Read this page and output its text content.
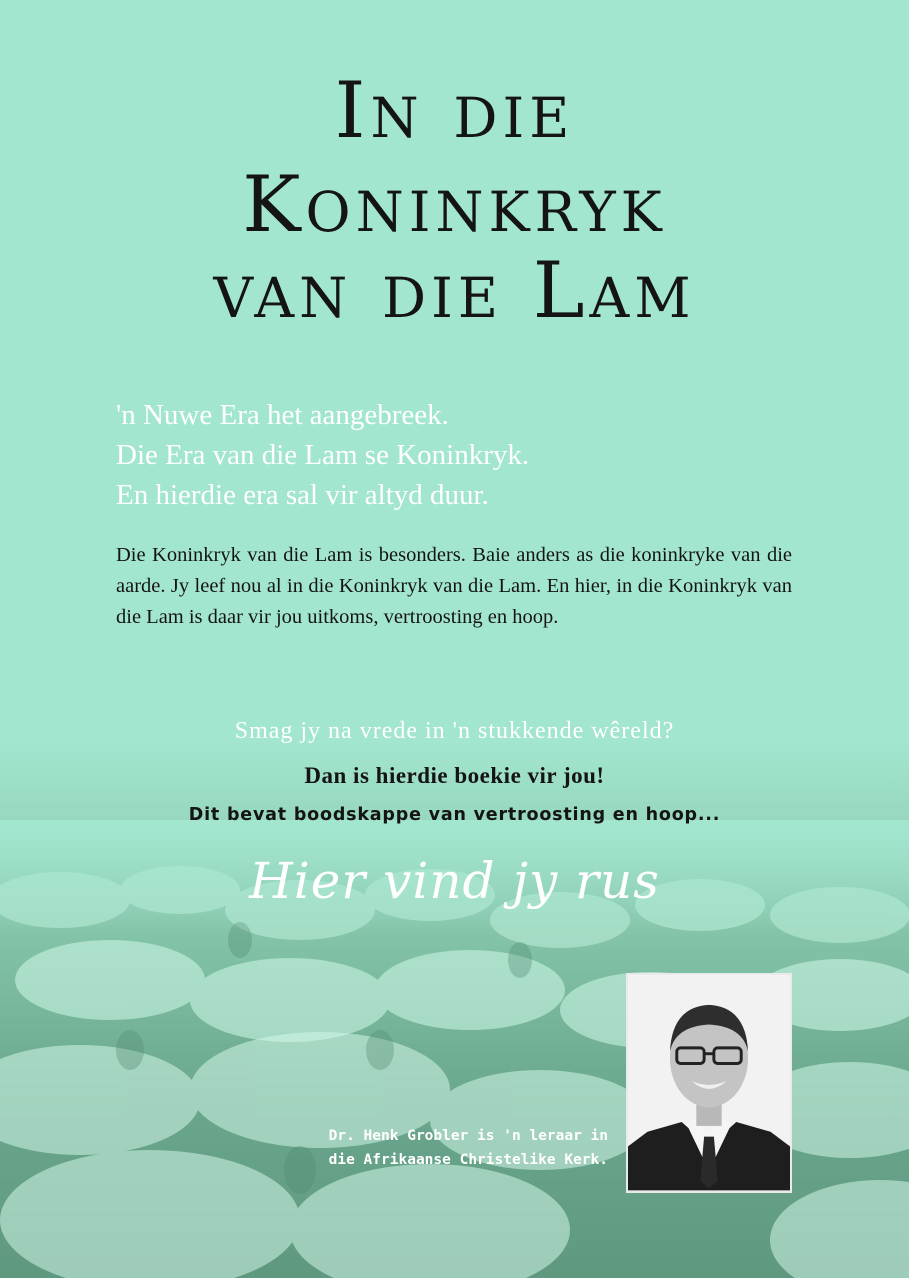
In die
Koninkryk
van die Lam
'n Nuwe Era het aangebreek.
Die Era van die Lam se Koninkryk.
En hierdie era sal vir altyd duur.

Die Koninkryk van die Lam is besonders. Baie anders as die koninkryke van die aarde. Jy leef nou al in die Koninkryk van die Lam. En hier, in die Koninkryk van die Lam is daar vir jou uitkoms, vertroosting en hoop.

Smag jy na vrede in 'n stukkende wêreld?
Dan is hierdie boekie vir jou!
Dit bevat boodskappe van vertroosting en hoop...
Hier vind jy rus
Dr. Henk Grobler is 'n leraar in
die Afrikaanse Christelike Kerk.
